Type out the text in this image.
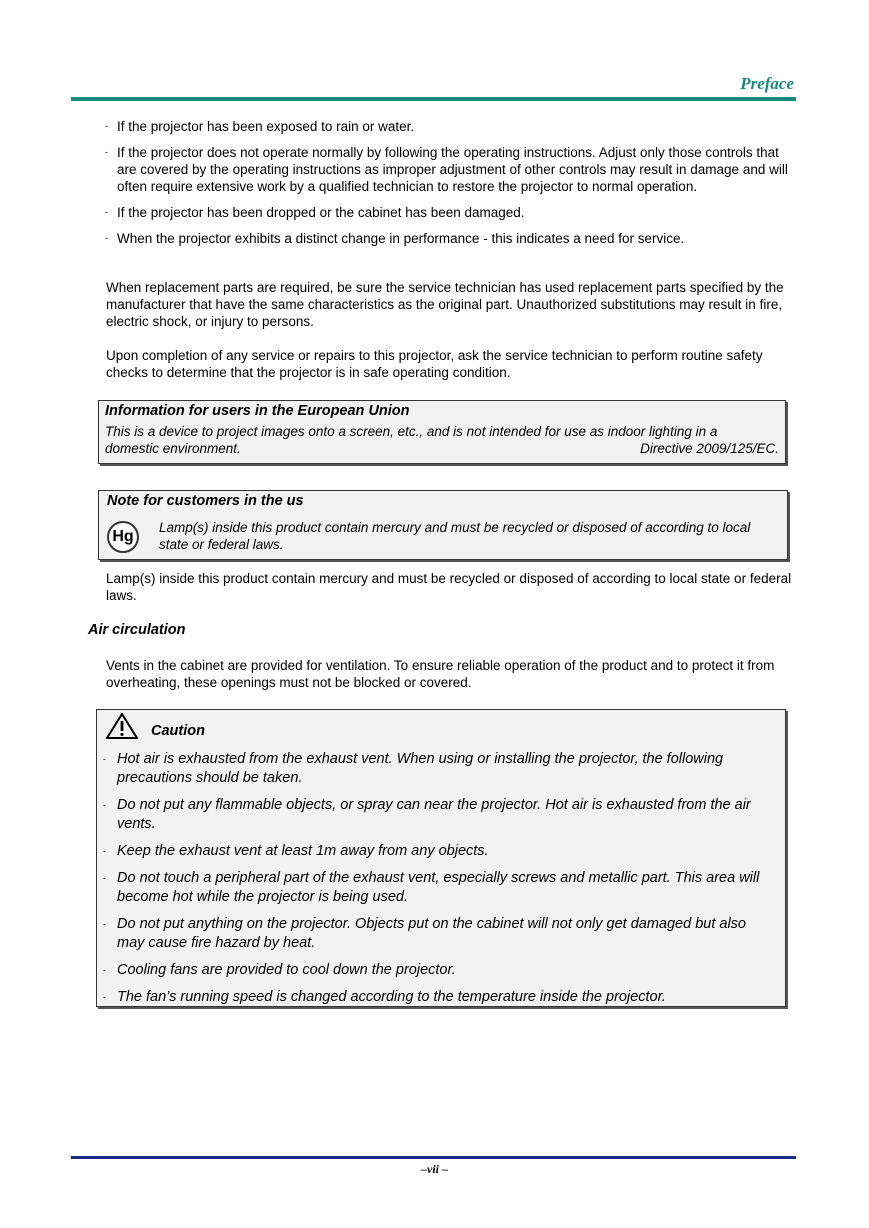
Preface
- If the projector has been exposed to rain or water.
- If the projector does not operate normally by following the operating instructions. Adjust only those controls that are covered by the operating instructions as improper adjustment of other controls may result in damage and will often require extensive work by a qualified technician to restore the projector to normal operation.
- If the projector has been dropped or the cabinet has been damaged.
- When the projector exhibits a distinct change in performance - this indicates a need for service.

When replacement parts are required, be sure the service technician has used replacement parts specified by the manufacturer that have the same characteristics as the original part. Unauthorized substitutions may result in fire, electric shock, or injury to persons.

Upon completion of any service or repairs to this projector, ask the service technician to perform routine safety checks to determine that the projector is in safe operating condition.

Information for users in the European Union
This is a device to project images onto a screen, etc., and is not intended for use as indoor lighting in a
domestic environment.	Directive 2009/125/EC.
Note for customers in the us
Hg
Lamp(s) inside this product contain mercury and must be recycled or disposed of according to local state or federal laws.

Lamp(s) inside this product contain mercury and must be recycled or disposed of according to local state or federal laws.

Air circulation

Vents in the cabinet are provided for ventilation. To ensure reliable operation of the product and to protect it from overheating, these openings must not be blocked or covered.

Caution
- Hot air is exhausted from the exhaust vent. When using or installing the projector, the following precautions should be taken.
- Do not put any flammable objects, or spray can near the projector. Hot air is exhausted from the air vents.
- Keep the exhaust vent at least 1m away from any objects.
- Do not touch a peripheral part of the exhaust vent, especially screws and metallic part. This area will become hot while the projector is being used.
- Do not put anything on the projector. Objects put on the cabinet will not only get damaged but also may cause fire hazard by heat.
- Cooling fans are provided to cool down the projector.
- The fan’s running speed is changed according to the temperature inside the projector.
–vii –
